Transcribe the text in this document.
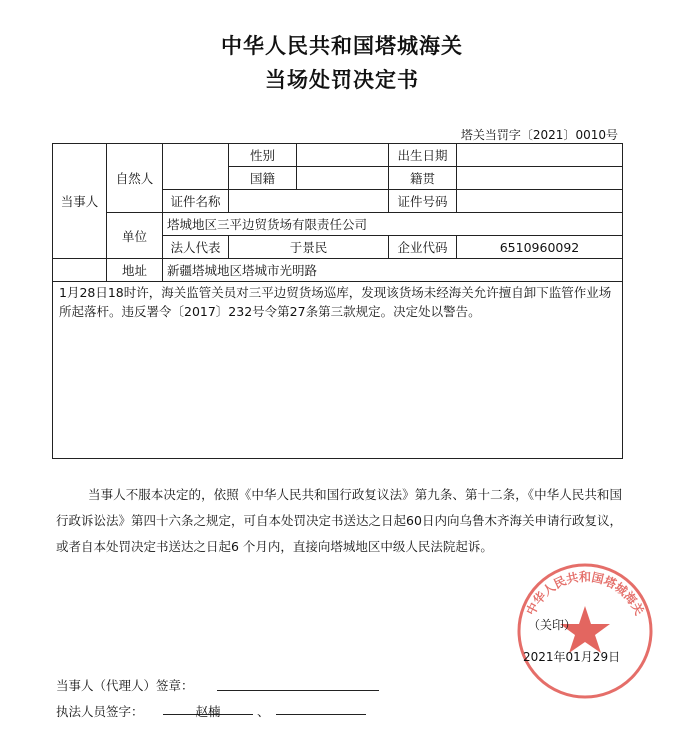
中华人民共和国塔城海关
当场处罚决定书
塔关当罚字〔2021〕0010号
当事人	自然人		性别		出生日期	
			国籍		籍贯	
		证件名称			证件号码	
	单位	塔城地区三平边贸货场有限责任公司				
		法人代表	于景民		企业代码	6510960092
	地址	新疆塔城地区塔城市光明路				
1月28日18时许，海关监管关员对三平边贸货场巡库，发现该货场未经海关允许擅自卸下监管作业场所起落杆。违反署令〔2017〕232号令第27条第三款规定。决定处以警告。						
当事人不服本决定的，依照《中华人民共和国行政复议法》第九条、第十二条，《中华人民共和国行政诉讼法》第四十六条之规定，可自本处罚决定书送达之日起60日内向乌鲁木齐海关申请行政复议，或者自本处罚决定书送达之日起6 个月内，直接向塔城地区中级人民法院起诉。
中华人民共和国塔城海关
（关印）
2021年01月29日
当事人（代理人）签章：
执法人员签字：	赵楠	、
